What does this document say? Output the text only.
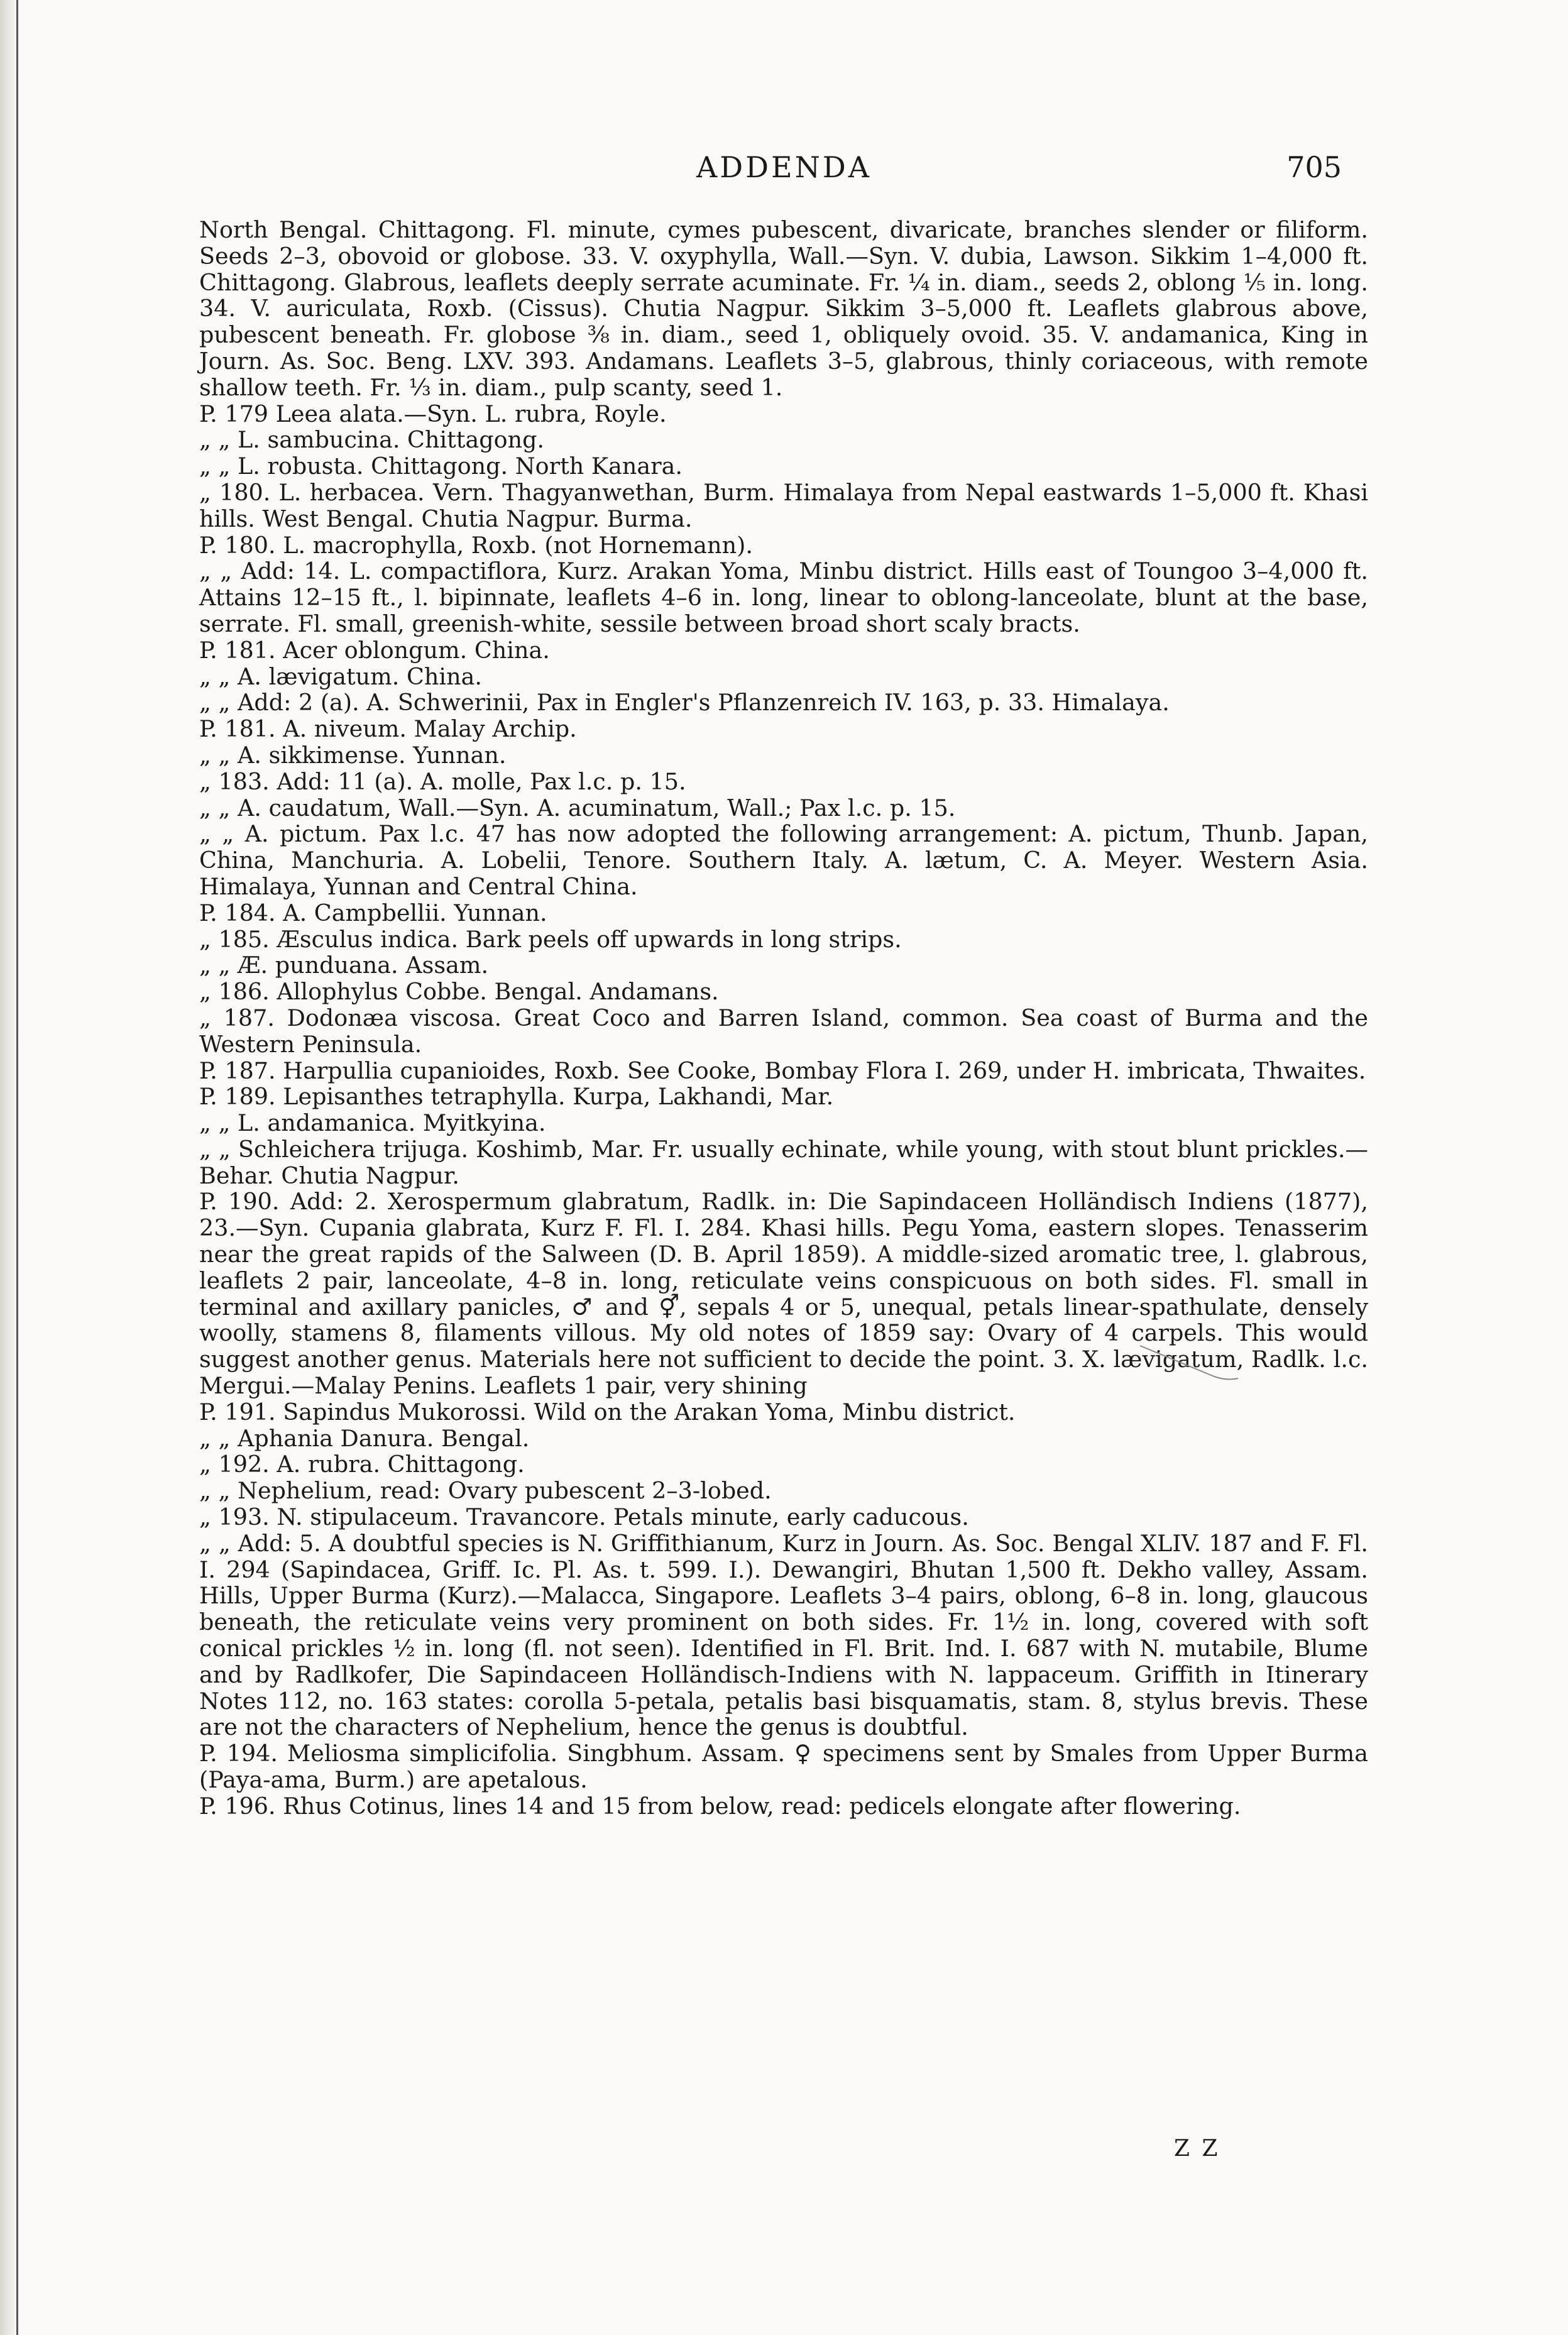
ADDENDA	705

North Bengal. Chittagong. Fl. minute, cymes pubescent, divaricate, branches slender or filiform. Seeds 2–3, obovoid or globose. 33. V. oxyphylla, Wall.—Syn. V. dubia, Lawson. Sikkim 1–4,000 ft. Chittagong. Glabrous, leaflets deeply serrate acuminate. Fr. ¼ in. diam., seeds 2, oblong ⅕ in. long. 34. V. auriculata, Roxb. (Cissus). Chutia Nagpur. Sikkim 3–5,000 ft. Leaflets glabrous above, pubescent beneath. Fr. globose ⅜ in. diam., seed 1, obliquely ovoid. 35. V. andamanica, King in Journ. As. Soc. Beng. LXV. 393. Andamans. Leaflets 3–5, glabrous, thinly coriaceous, with remote shallow teeth. Fr. ⅓ in. diam., pulp scanty, seed 1.

P. 179 Leea alata.—Syn. L. rubra, Royle.

„ „ L. sambucina. Chittagong.

„ „ L. robusta. Chittagong. North Kanara.

„ 180. L. herbacea. Vern. Thagyanwethan, Burm. Himalaya from Nepal eastwards 1–5,000 ft. Khasi hills. West Bengal. Chutia Nagpur. Burma.

P. 180. L. macrophylla, Roxb. (not Hornemann).

„ „ Add: 14. L. compactiflora, Kurz. Arakan Yoma, Minbu district. Hills east of Toungoo 3–4,000 ft. Attains 12–15 ft., l. bipinnate, leaflets 4–6 in. long, linear to oblong-lanceolate, blunt at the base, serrate. Fl. small, greenish-white, sessile between broad short scaly bracts.

P. 181. Acer oblongum. China.

„ „ A. lævigatum. China.

„ „ Add: 2 (a). A. Schwerinii, Pax in Engler's Pflanzenreich IV. 163, p. 33. Himalaya.

P. 181. A. niveum. Malay Archip.

„ „ A. sikkimense. Yunnan.

„ 183. Add: 11 (a). A. molle, Pax l.c. p. 15.

„ „ A. caudatum, Wall.—Syn. A. acuminatum, Wall.; Pax l.c. p. 15.

„ „ A. pictum. Pax l.c. 47 has now adopted the following arrangement: A. pictum, Thunb. Japan, China, Manchuria. A. Lobelii, Tenore. Southern Italy. A. lætum, C. A. Meyer. Western Asia. Himalaya, Yunnan and Central China.

P. 184. A. Campbellii. Yunnan.

„ 185. Æsculus indica. Bark peels off upwards in long strips.

„ „ Æ. punduana. Assam.

„ 186. Allophylus Cobbe. Bengal. Andamans.

„ 187. Dodonæa viscosa. Great Coco and Barren Island, common. Sea coast of Burma and the Western Peninsula.

P. 187. Harpullia cupanioides, Roxb. See Cooke, Bombay Flora I. 269, under H. imbricata, Thwaites.

P. 189. Lepisanthes tetraphylla. Kurpa, Lakhandi, Mar.

„ „ L. andamanica. Myitkyina.

„ „ Schleichera trijuga. Koshimb, Mar. Fr. usually echinate, while young, with stout blunt prickles.—Behar. Chutia Nagpur.

P. 190. Add: 2. Xerospermum glabratum, Radlk. in: Die Sapindaceen Holländisch Indiens (1877), 23.—Syn. Cupania glabrata, Kurz F. Fl. I. 284. Khasi hills. Pegu Yoma, eastern slopes. Tenasserim near the great rapids of the Salween (D. B. April 1859). A middle-sized aromatic tree, l. glabrous, leaflets 2 pair, lanceolate, 4–8 in. long, reticulate veins conspicuous on both sides. Fl. small in terminal and axillary panicles, ♂ and ⚥, sepals 4 or 5, unequal, petals linear-spathulate, densely woolly, stamens 8, filaments villous. My old notes of 1859 say: Ovary of 4 carpels. This would suggest another genus. Materials here not sufficient to decide the point. 3. X. lævigatum, Radlk. l.c. Mergui.—Malay Penins. Leaflets 1 pair, very shining

P. 191. Sapindus Mukorossi. Wild on the Arakan Yoma, Minbu district.

„ „ Aphania Danura. Bengal.

„ 192. A. rubra. Chittagong.

„ „ Nephelium, read: Ovary pubescent 2–3-lobed.

„ 193. N. stipulaceum. Travancore. Petals minute, early caducous.

„ „ Add: 5. A doubtful species is N. Griffithianum, Kurz in Journ. As. Soc. Bengal XLIV. 187 and F. Fl. I. 294 (Sapindacea, Griff. Ic. Pl. As. t. 599. I.). Dewangiri, Bhutan 1,500 ft. Dekho valley, Assam. Hills, Upper Burma (Kurz).—Malacca, Singapore. Leaflets 3–4 pairs, oblong, 6–8 in. long, glaucous beneath, the reticulate veins very prominent on both sides. Fr. 1½ in. long, covered with soft conical prickles ½ in. long (fl. not seen). Identified in Fl. Brit. Ind. I. 687 with N. mutabile, Blume and by Radlkofer, Die Sapindaceen Holländisch-Indiens with N. lappaceum. Griffith in Itinerary Notes 112, no. 163 states: corolla 5-petala, petalis basi bisquamatis, stam. 8, stylus brevis. These are not the characters of Nephelium, hence the genus is doubtful.

P. 194. Meliosma simplicifolia. Singbhum. Assam. ♀ specimens sent by Smales from Upper Burma (Paya-ama, Burm.) are apetalous.

P. 196. Rhus Cotinus, lines 14 and 15 from below, read: pedicels elongate after flowering.

Z Z
